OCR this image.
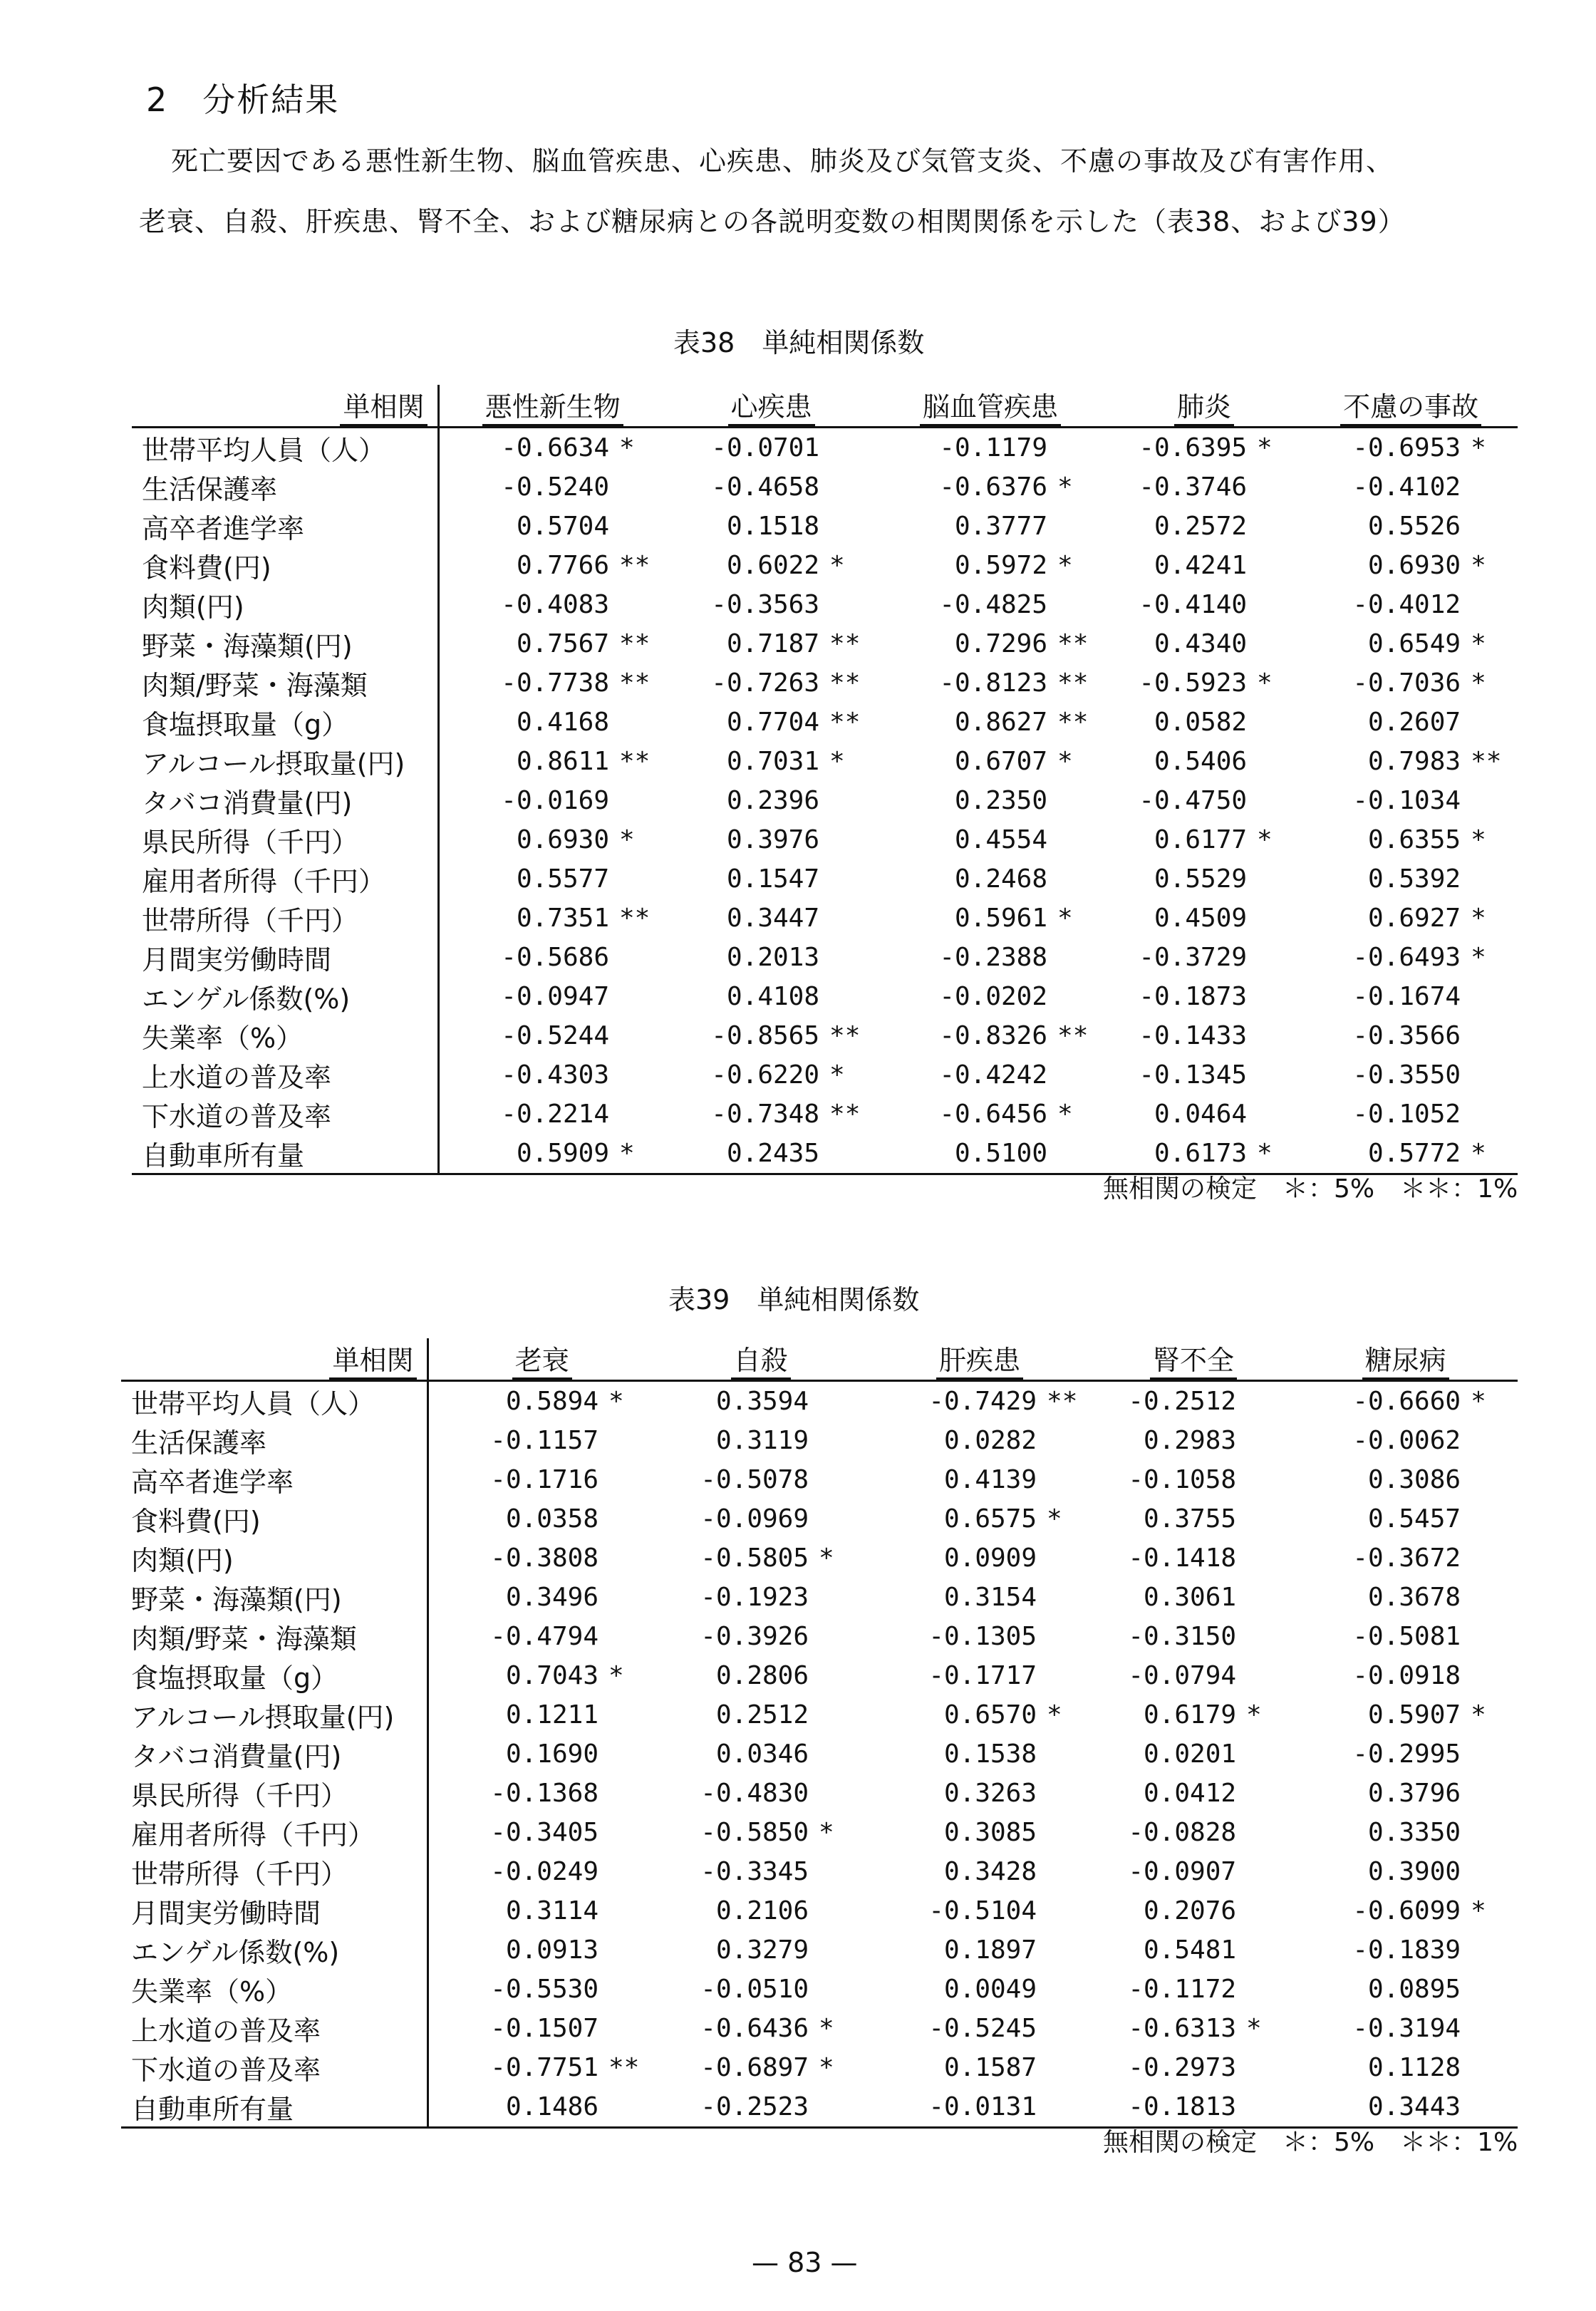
2　分析結果
死亡要因である悪性新生物、脳血管疾患、心疾患、肺炎及び気管支炎、不慮の事故及び有害作用、
老衰、自殺、肝疾患、腎不全、および糖尿病との各説明変数の相関関係を示した（表38、および39）
表38　単純相関係数
単相関	悪性新生物		心疾患		脳血管疾患		肺炎		不慮の事故	
世帯平均人員（人）	-0.6634	*	-0.0701		-0.1179		-0.6395	*	-0.6953	*
生活保護率	-0.5240		-0.4658		-0.6376	*	-0.3746		-0.4102	
高卒者進学率	0.5704		0.1518		0.3777		0.2572		0.5526	
食料費(円)	0.7766	**	0.6022	*	0.5972	*	0.4241		0.6930	*
肉類(円)	-0.4083		-0.3563		-0.4825		-0.4140		-0.4012	
野菜・海藻類(円)	0.7567	**	0.7187	**	0.7296	**	0.4340		0.6549	*
肉類/野菜・海藻類	-0.7738	**	-0.7263	**	-0.8123	**	-0.5923	*	-0.7036	*
食塩摂取量（g）	0.4168		0.7704	**	0.8627	**	0.0582		0.2607	
アルコール摂取量(円)	0.8611	**	0.7031	*	0.6707	*	0.5406		0.7983	**
タバコ消費量(円)	-0.0169		0.2396		0.2350		-0.4750		-0.1034	
県民所得（千円）	0.6930	*	0.3976		0.4554		0.6177	*	0.6355	*
雇用者所得（千円）	0.5577		0.1547		0.2468		0.5529		0.5392	
世帯所得（千円）	0.7351	**	0.3447		0.5961	*	0.4509		0.6927	*
月間実労働時間	-0.5686		0.2013		-0.2388		-0.3729		-0.6493	*
エンゲル係数(%)	-0.0947		0.4108		-0.0202		-0.1873		-0.1674	
失業率（%）	-0.5244		-0.8565	**	-0.8326	**	-0.1433		-0.3566	
上水道の普及率	-0.4303		-0.6220	*	-0.4242		-0.1345		-0.3550	
下水道の普及率	-0.2214		-0.7348	**	-0.6456	*	0.0464		-0.1052	
自動車所有量	0.5909	*	0.2435		0.5100		0.6173	*	0.5772	*
無相関の検定　＊：5%　＊＊：1%
表39　単純相関係数
単相関	老衰		自殺		肝疾患		腎不全		糖尿病	
世帯平均人員（人）	0.5894	*	0.3594		-0.7429	**	-0.2512		-0.6660	*
生活保護率	-0.1157		0.3119		0.0282		0.2983		-0.0062	
高卒者進学率	-0.1716		-0.5078		0.4139		-0.1058		0.3086	
食料費(円)	0.0358		-0.0969		0.6575	*	0.3755		0.5457	
肉類(円)	-0.3808		-0.5805	*	0.0909		-0.1418		-0.3672	
野菜・海藻類(円)	0.3496		-0.1923		0.3154		0.3061		0.3678	
肉類/野菜・海藻類	-0.4794		-0.3926		-0.1305		-0.3150		-0.5081	
食塩摂取量（g）	0.7043	*	0.2806		-0.1717		-0.0794		-0.0918	
アルコール摂取量(円)	0.1211		0.2512		0.6570	*	0.6179	*	0.5907	*
タバコ消費量(円)	0.1690		0.0346		0.1538		0.0201		-0.2995	
県民所得（千円）	-0.1368		-0.4830		0.3263		0.0412		0.3796	
雇用者所得（千円）	-0.3405		-0.5850	*	0.3085		-0.0828		0.3350	
世帯所得（千円）	-0.0249		-0.3345		0.3428		-0.0907		0.3900	
月間実労働時間	0.3114		0.2106		-0.5104		0.2076		-0.6099	*
エンゲル係数(%)	0.0913		0.3279		0.1897		0.5481		-0.1839	
失業率（%）	-0.5530		-0.0510		0.0049		-0.1172		0.0895	
上水道の普及率	-0.1507		-0.6436	*	-0.5245		-0.6313	*	-0.3194	
下水道の普及率	-0.7751	**	-0.6897	*	0.1587		-0.2973		0.1128	
自動車所有量	0.1486		-0.2523		-0.0131		-0.1813		0.3443	
無相関の検定　＊：5%　＊＊：1%
— 83 —
